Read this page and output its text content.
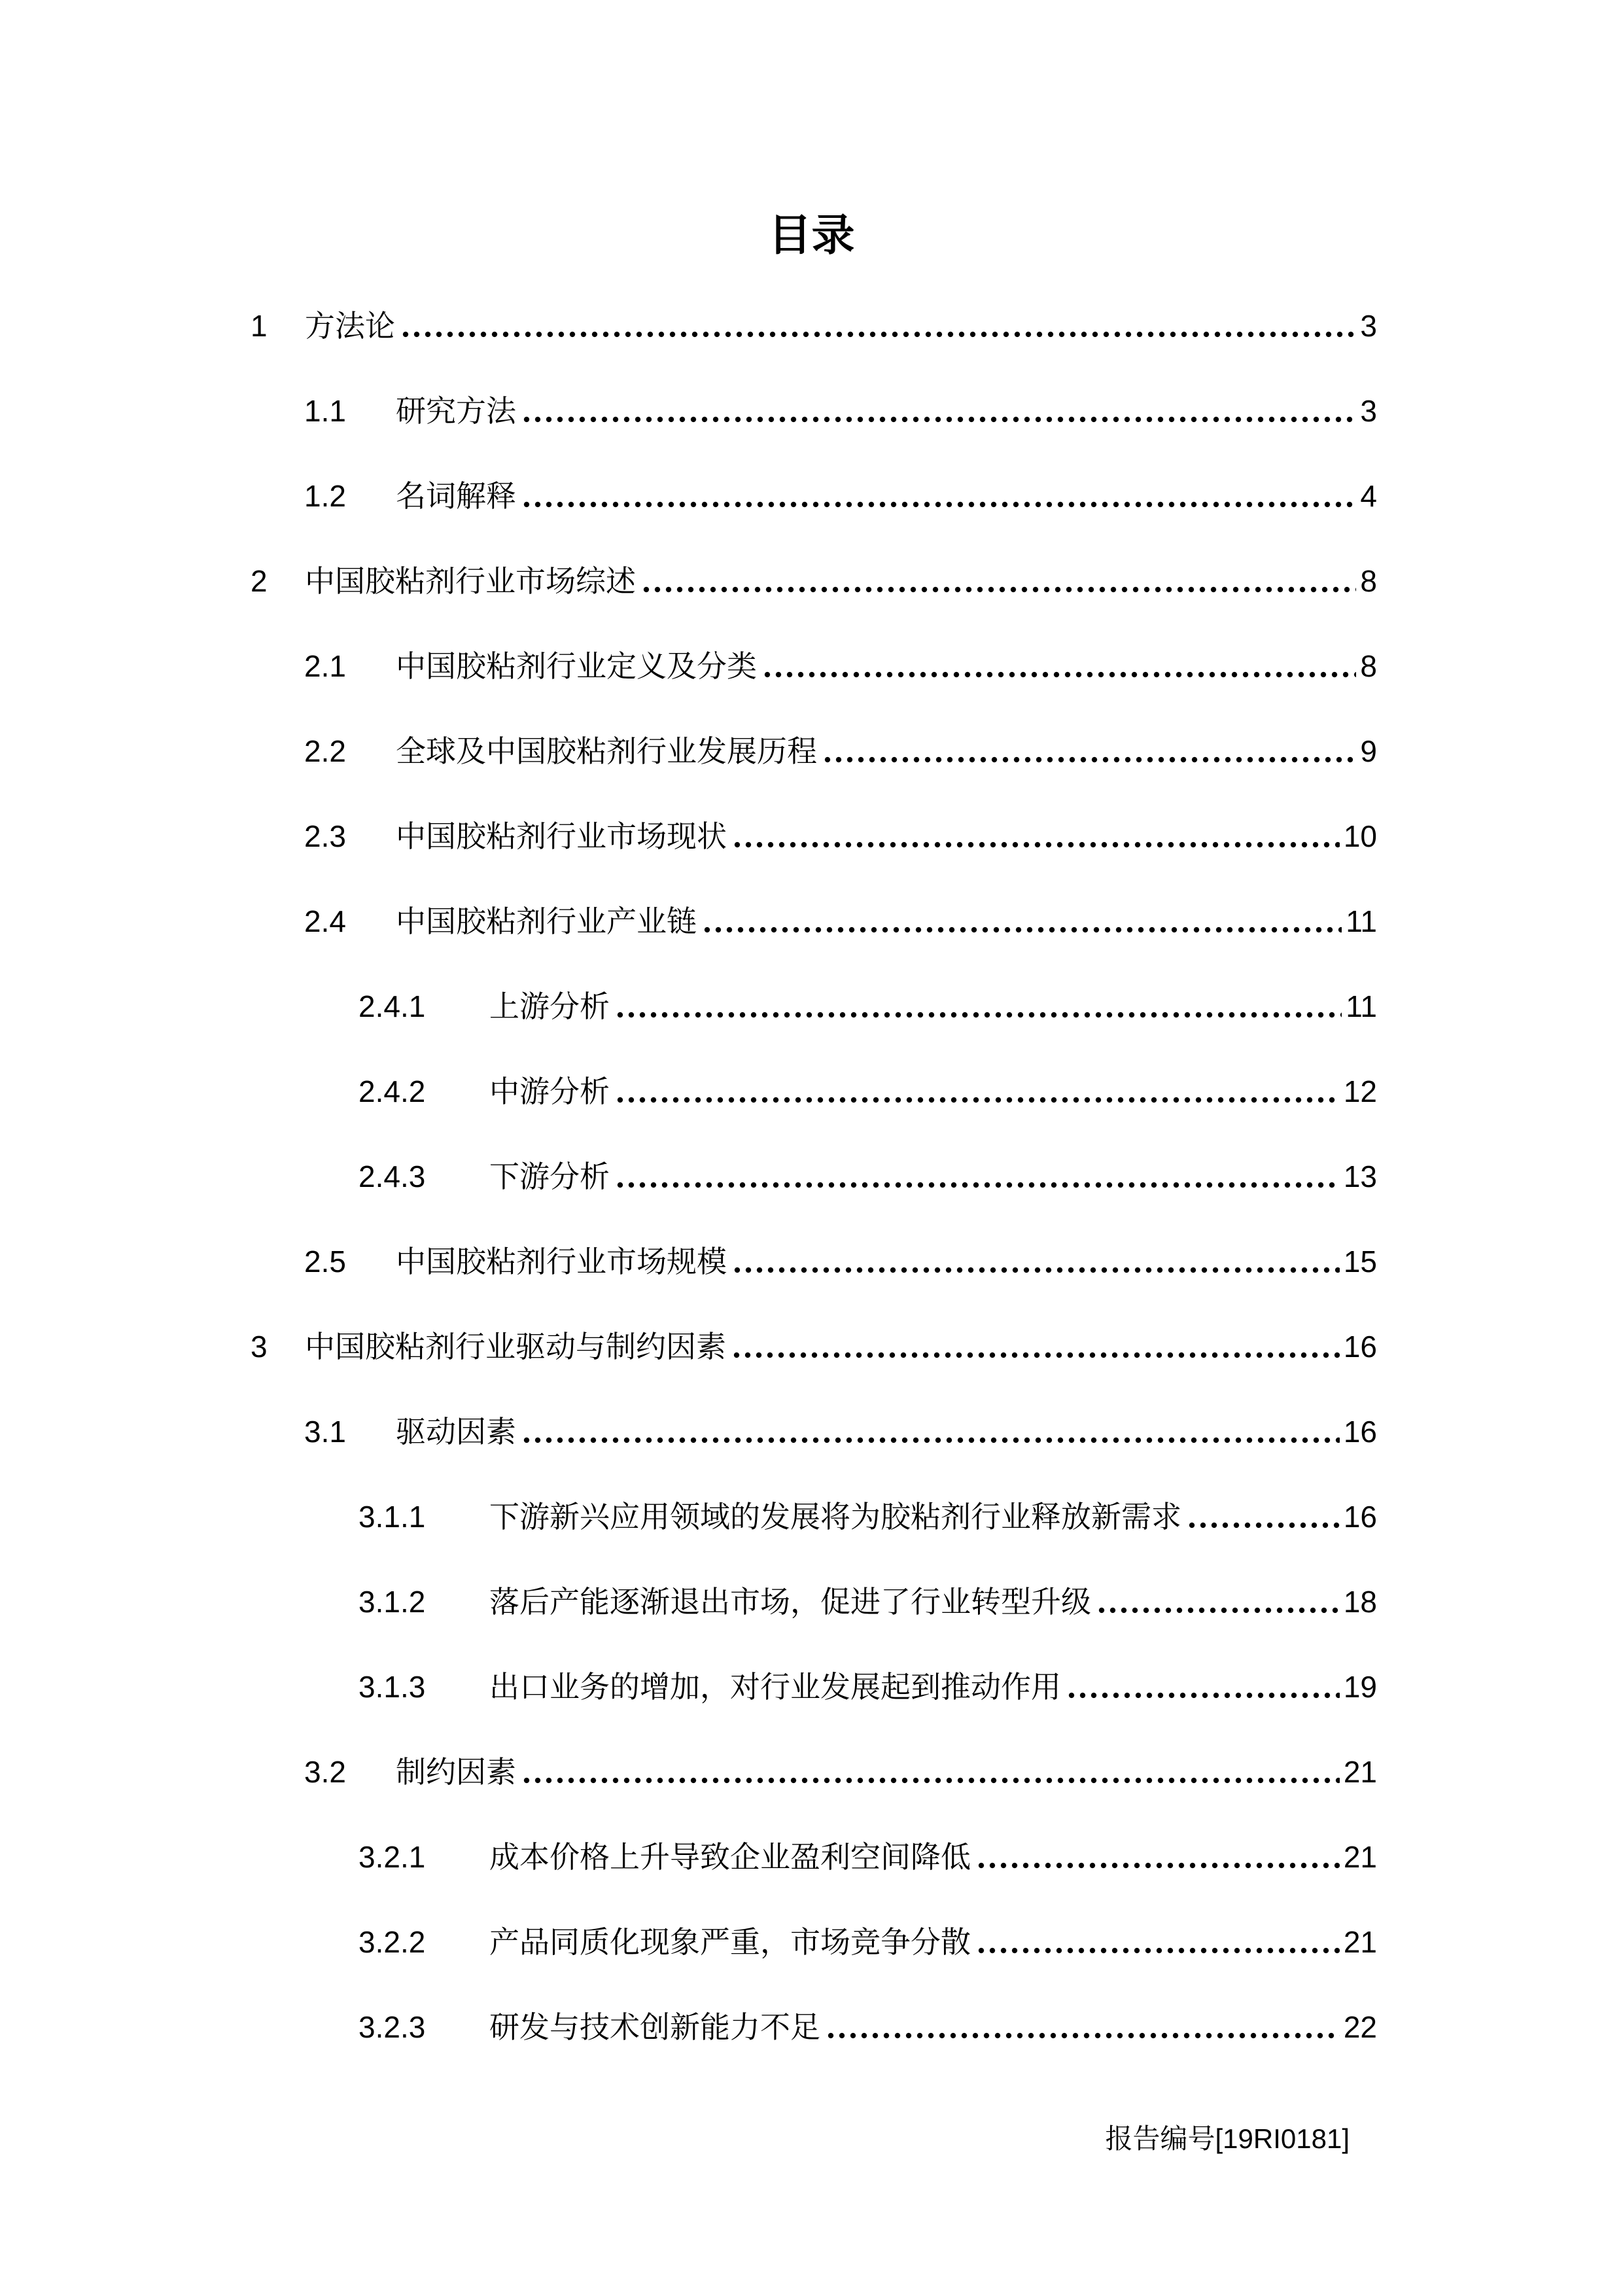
目录
1	方法论	3
1.1	研究方法	3
1.2	名词解释	4
2	中国胶粘剂行业市场综述	8
2.1	中国胶粘剂行业定义及分类	8
2.2	全球及中国胶粘剂行业发展历程	9
2.3	中国胶粘剂行业市场现状	10
2.4	中国胶粘剂行业产业链	11
2.4.1	上游分析	11
2.4.2	中游分析	12
2.4.3	下游分析	13
2.5	中国胶粘剂行业市场规模	15
3	中国胶粘剂行业驱动与制约因素	16
3.1	驱动因素	16
3.1.1	下游新兴应用领域的发展将为胶粘剂行业释放新需求	16
3.1.2	落后产能逐渐退出市场，促进了行业转型升级	18
3.1.3	出口业务的增加，对行业发展起到推动作用	19
3.2	制约因素	21
3.2.1	成本价格上升导致企业盈利空间降低	21
3.2.2	产品同质化现象严重，市场竞争分散	21
3.2.3	研发与技术创新能力不足	22
报告编号[19RI0181]
